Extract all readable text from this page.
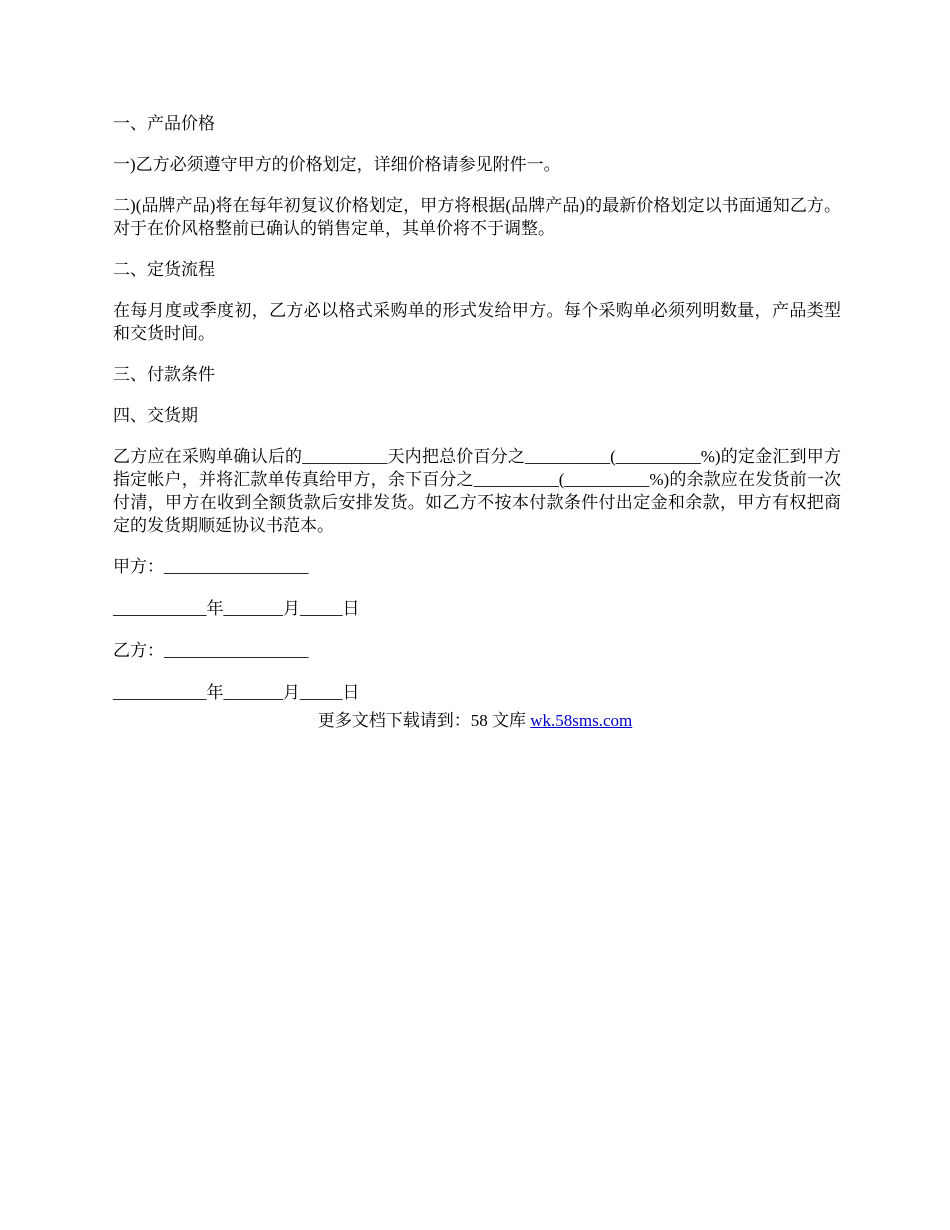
一、产品价格

一)乙方必须遵守甲方的价格划定，详细价格请参见附件一。

二)(品牌产品)将在每年初复议价格划定，甲方将根据(品牌产品)的最新价格划定以书面通知乙方。对于在价风格整前已确认的销售定单，其单价将不于调整。

二、定货流程

在每月度或季度初，乙方必以格式采购单的形式发给甲方。每个采购单必须列明数量，产品类型和交货时间。

三、付款条件

四、交货期

乙方应在采购单确认后的__________天内把总价百分之__________(__________%)的定金汇到甲方指定帐户，并将汇款单传真给甲方，余下百分之__________(__________%)的余款应在发货前一次付清，甲方在收到全额货款后安排发货。如乙方不按本付款条件付出定金和余款，甲方有权把商定的发货期顺延协议书范本。

甲方：_________________
___________年_______月_____日
乙方：_________________
___________年_______月_____日
更多文档下载请到：58 文库 wk.58sms.com
